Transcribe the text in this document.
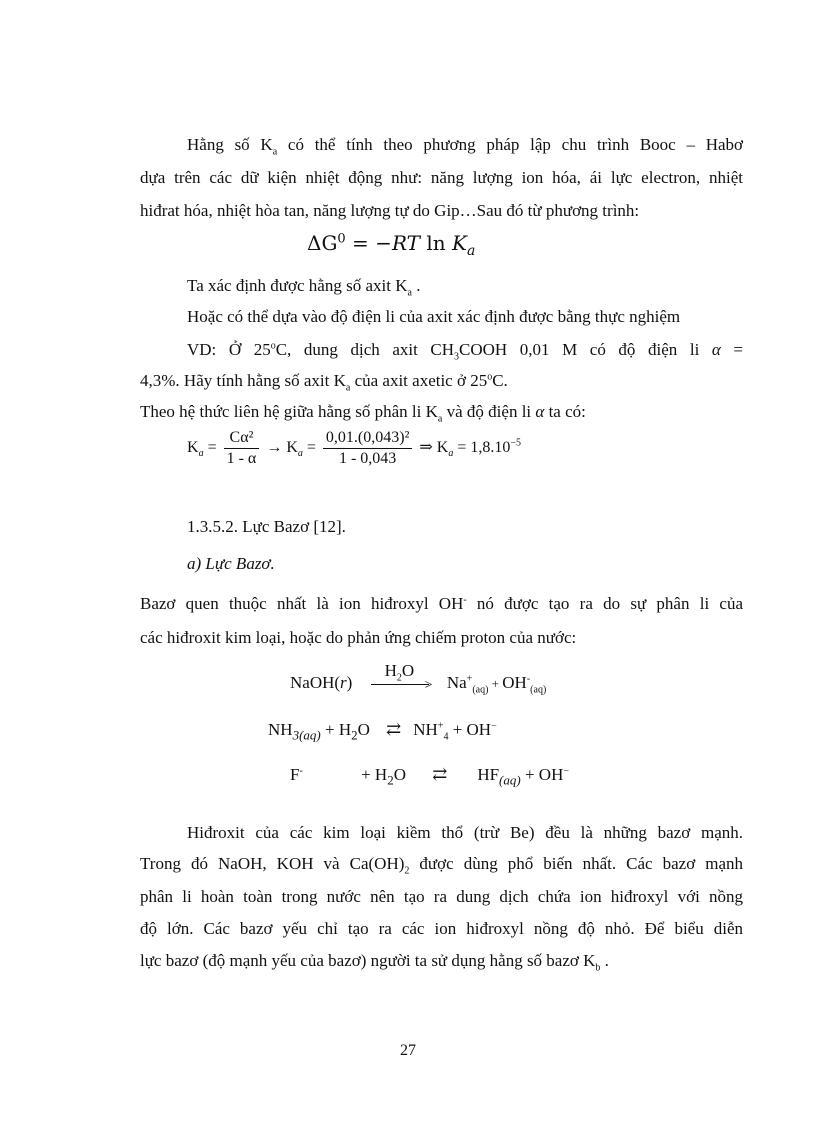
Hằng số $K_a$ có thể tính theo phương pháp lập chu trình Booc – Habơ
dựa trên các dữ kiện nhiệt động như: năng lượng ion hóa, ái lực electron, nhiệt
hiđrat hóa, nhiệt hòa tan, năng lượng tự do Gip…Sau đó từ phương trình:
$\Delta G^0 = -RT$ $\ln K_a$
Ta xác định được hằng số axit $K_a$ .
Hoặc có thể dựa vào độ điện li của axit xác định được bằng thực nghiệm
VD: Ở 25$^o$C, dung dịch axit $CH_3COOH$ 0,01 M có độ điện li α =
4,3%. Hãy tính hằng số axit $K_a$ của axit axetic ở 25$^o$C.
Theo hệ thức liên hệ giữa hằng số phân li $K_a$ và độ điện li α ta có:
$K_a = \frac{\text{Cα²}}{1 - \alpha} \to K_a = \frac{\text{0,01.(0,043)²}}{1 - 0,043}$ ⇒ $K_a = 1,8.10^{-5}$
1.3.5.2. Lực Bazơ [12].
a) Lực Bazơ.
Bazơ quen thuộc nhất là ion hiđroxyl OH- nó được tạo ra do sự phân li của
các hiđroxit kim loại, hoặc do phản ứng chiếm proton của nước:
NaOH(r)
$H_2O$
> $Na^+_{(aq)} + OH^-_{(aq)}$
$NH_{3(aq)} + H_2O$ ⇄ $NH^+_4 + OH^-$
F-	+ $H_2O$ ⇄ $HF_{(aq)} + OH^-$
Hiđroxit của các kim loại kiềm thổ (trừ Be) đều là những bazơ mạnh.
Trong đó NaOH, KOH và $Ca(OH)_2$ được dùng phổ biến nhất. Các bazơ mạnh
phân li hoàn toàn trong nước nên tạo ra dung dịch chứa ion hiđroxyl với nồng
độ lớn. Các bazơ yếu chỉ tạo ra các ion hiđroxyl nồng độ nhỏ. Để biểu diễn
lực bazơ (độ mạnh yếu của bazơ) người ta sử dụng hằng số bazơ $K_b$ .
27
